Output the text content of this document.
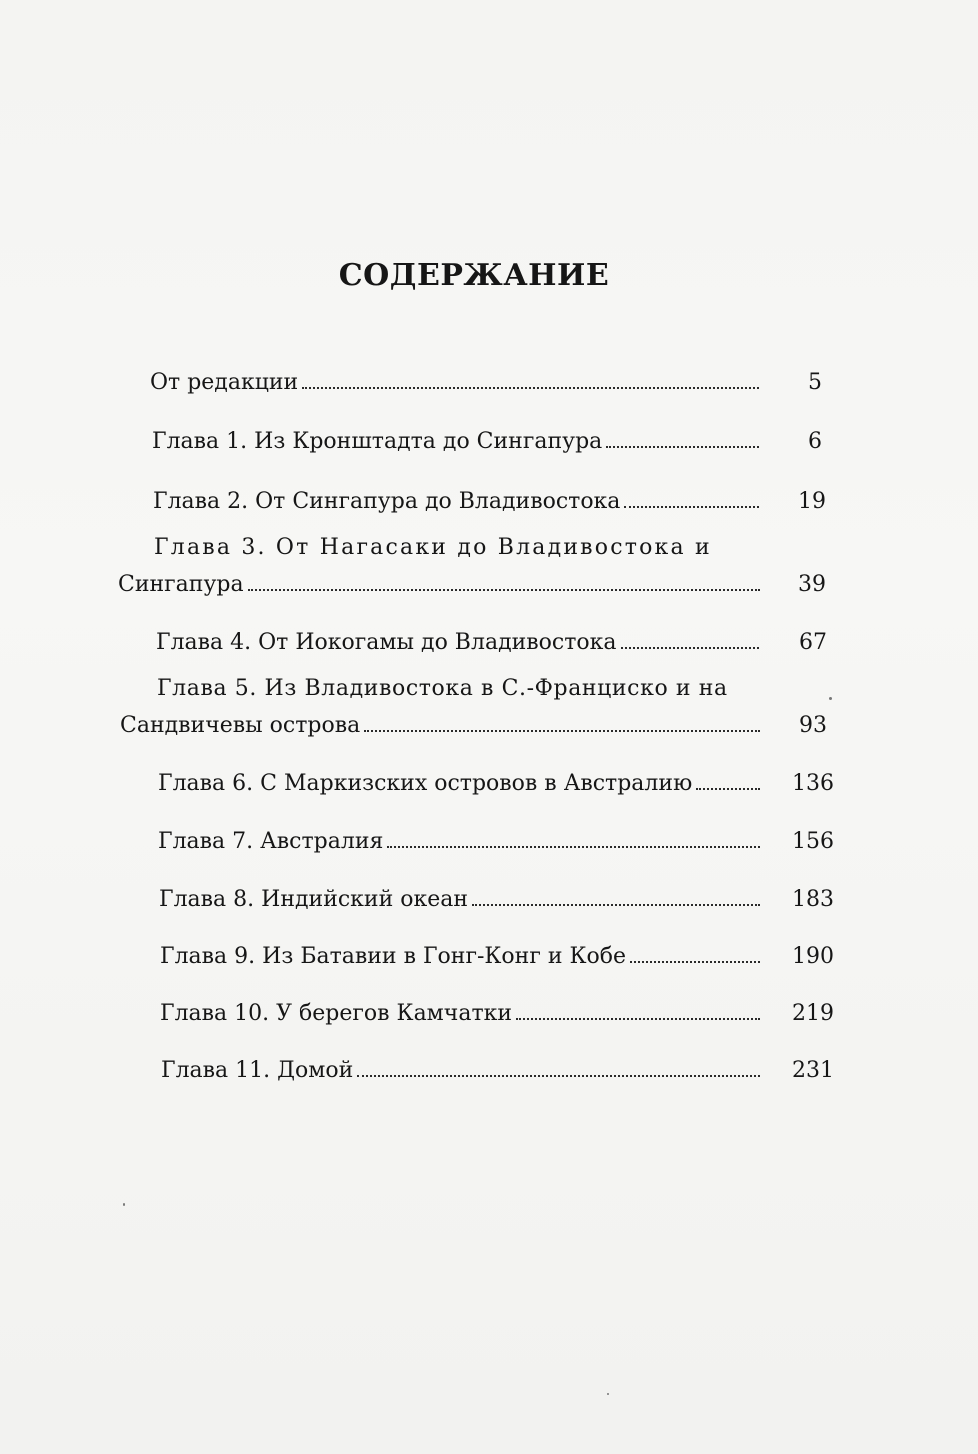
СОДЕРЖАНИЕ
От редакции	5
Глава 1. Из Кронштадта до Сингапура	6
Глава 2. От Сингапура до Владивостока	19
Глава 3. От Нагасаки до Владивостока и
Сингапура	39
Глава 4. От Иокогамы до Владивостока	67
Глава 5. Из Владивостока в С.-Франциско и на
Сандвичевы острова	93
Глава 6. С Маркизских островов в Австралию	136
Глава 7. Австралия	156
Глава 8. Индийский океан	183
Глава 9. Из Батавии в Гонг-Конг и Кобе	190
Глава 10. У берегов Камчатки	219
Глава 11. Домой	231
